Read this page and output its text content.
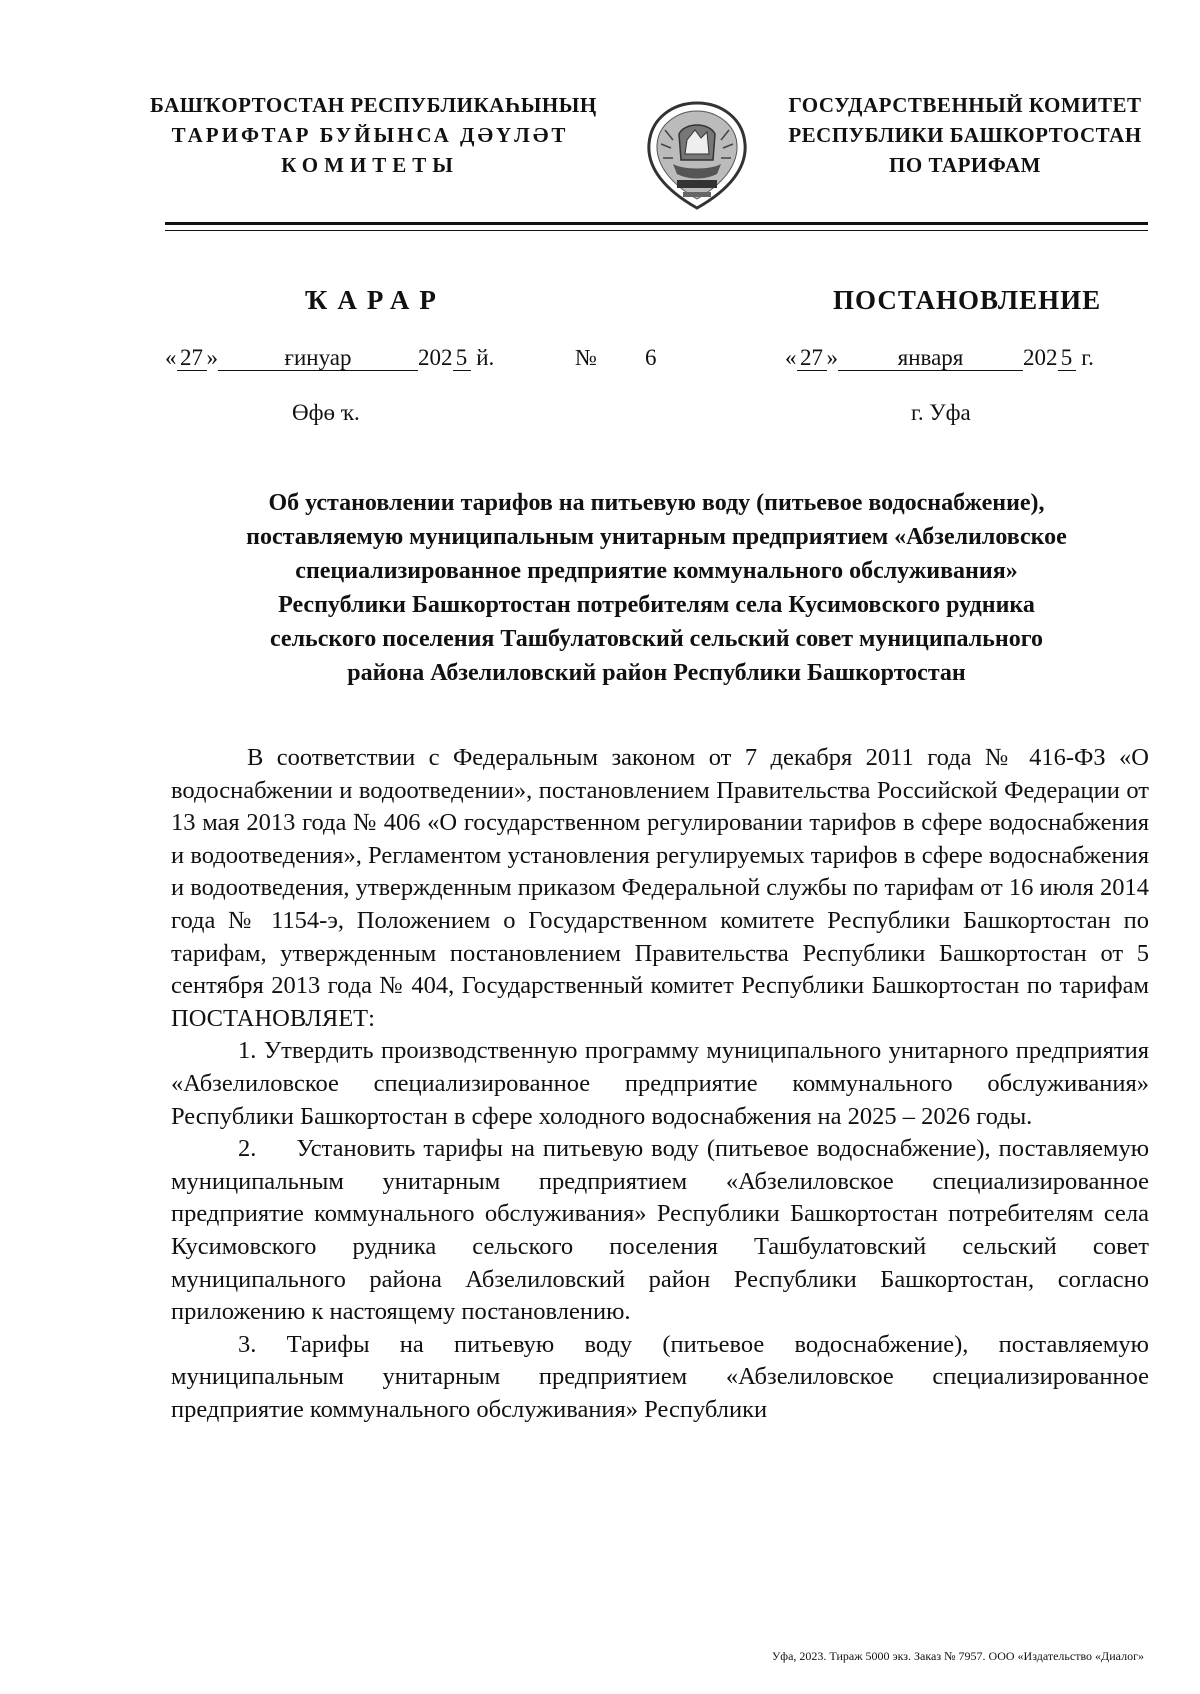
БАШҠОРТОСТАН РЕСПУБЛИКАҺЫНЫҢ
ТАРИФТАР БУЙЫНСА ДӘҮЛӘТ
КОМИТЕТЫ
ГОСУДАРСТВЕННЫЙ КОМИТЕТ
РЕСПУБЛИКИ БАШКОРТОСТАН
ПО ТАРИФАМ
ҠАРАР	ПОСТАНОВЛЕНИЕ
« 27 »	ғинуар	202 5 й.	№ 6	« 27 »	января	202 5 г.
Өфө ҡ.	г. Уфа
Об установлении тарифов на питьевую воду (питьевое водоснабжение),
поставляемую муниципальным унитарным предприятием «Абзелиловское
специализированное предприятие коммунального обслуживания»
Республики Башкортостан потребителям села Кусимовского рудника
сельского поселения Ташбулатовский сельский совет муниципального
района Абзелиловский район Республики Башкортостан

В соответствии с Федеральным законом от 7 декабря 2011 года № 416-ФЗ «О водоснабжении и водоотведении», постановлением Правительства Российской Федерации от 13 мая 2013 года № 406 «О государственном регулировании тарифов в сфере водоснабжения и водоотведения», Регламентом установления регулируемых тарифов в сфере водоснабжения и водоотведения, утвержденным приказом Федеральной службы по тарифам от 16 июля 2014 года № 1154-э, Положением о Государственном комитете Республики Башкортостан по тарифам, утвержденным постановлением Правительства Республики Башкортостан от 5 сентября 2013 года № 404, Государственный комитет Республики Башкортостан по тарифам ПОСТАНОВЛЯЕТ:

1. Утвердить производственную программу муниципального унитарного предприятия «Абзелиловское специализированное предприятие коммунального обслуживания» Республики Башкортостан в сфере холодного водоснабжения на 2025 – 2026 годы.

2.     Установить тарифы на питьевую воду (питьевое водоснабжение), поставляемую муниципальным унитарным предприятием «Абзелиловское специализированное предприятие коммунального обслуживания» Республики Башкортостан потребителям села Кусимовского рудника сельского поселения Ташбулатовский сельский совет муниципального района Абзелиловский район Республики Башкортостан, согласно приложению к настоящему постановлению.

3. Тарифы на питьевую воду (питьевое водоснабжение), поставляемую муниципальным унитарным предприятием «Абзелиловское специализированное предприятие коммунального обслуживания» Республики

Уфа, 2023. Тираж 5000 экз. Заказ № 7957. ООО «Издательство «Диалог»
